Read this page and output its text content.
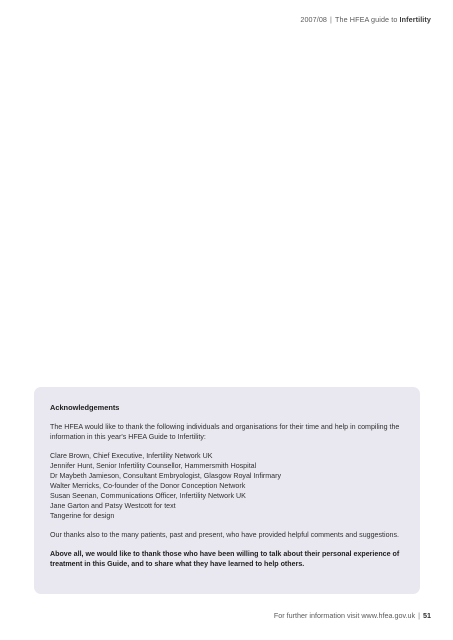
2007/08 | The HFEA guide to Infertility

Acknowledgements

The HFEA would like to thank the following individuals and organisations for their time and help in compiling the information in this year's HFEA Guide to Infertility:

Clare Brown, Chief Executive, Infertility Network UK
Jennifer Hunt, Senior Infertility Counsellor, Hammersmith Hospital
Dr Maybeth Jamieson, Consultant Embryologist, Glasgow Royal Infirmary
Walter Merricks, Co-founder of the Donor Conception Network
Susan Seenan, Communications Officer, Infertility Network UK
Jane Garton and Patsy Westcott for text
Tangerine for design

Our thanks also to the many patients, past and present, who have provided helpful comments and suggestions.

Above all, we would like to thank those who have been willing to talk about their personal experience of treatment in this Guide, and to share what they have learned to help others.

For further information visit www.hfea.gov.uk | 51
